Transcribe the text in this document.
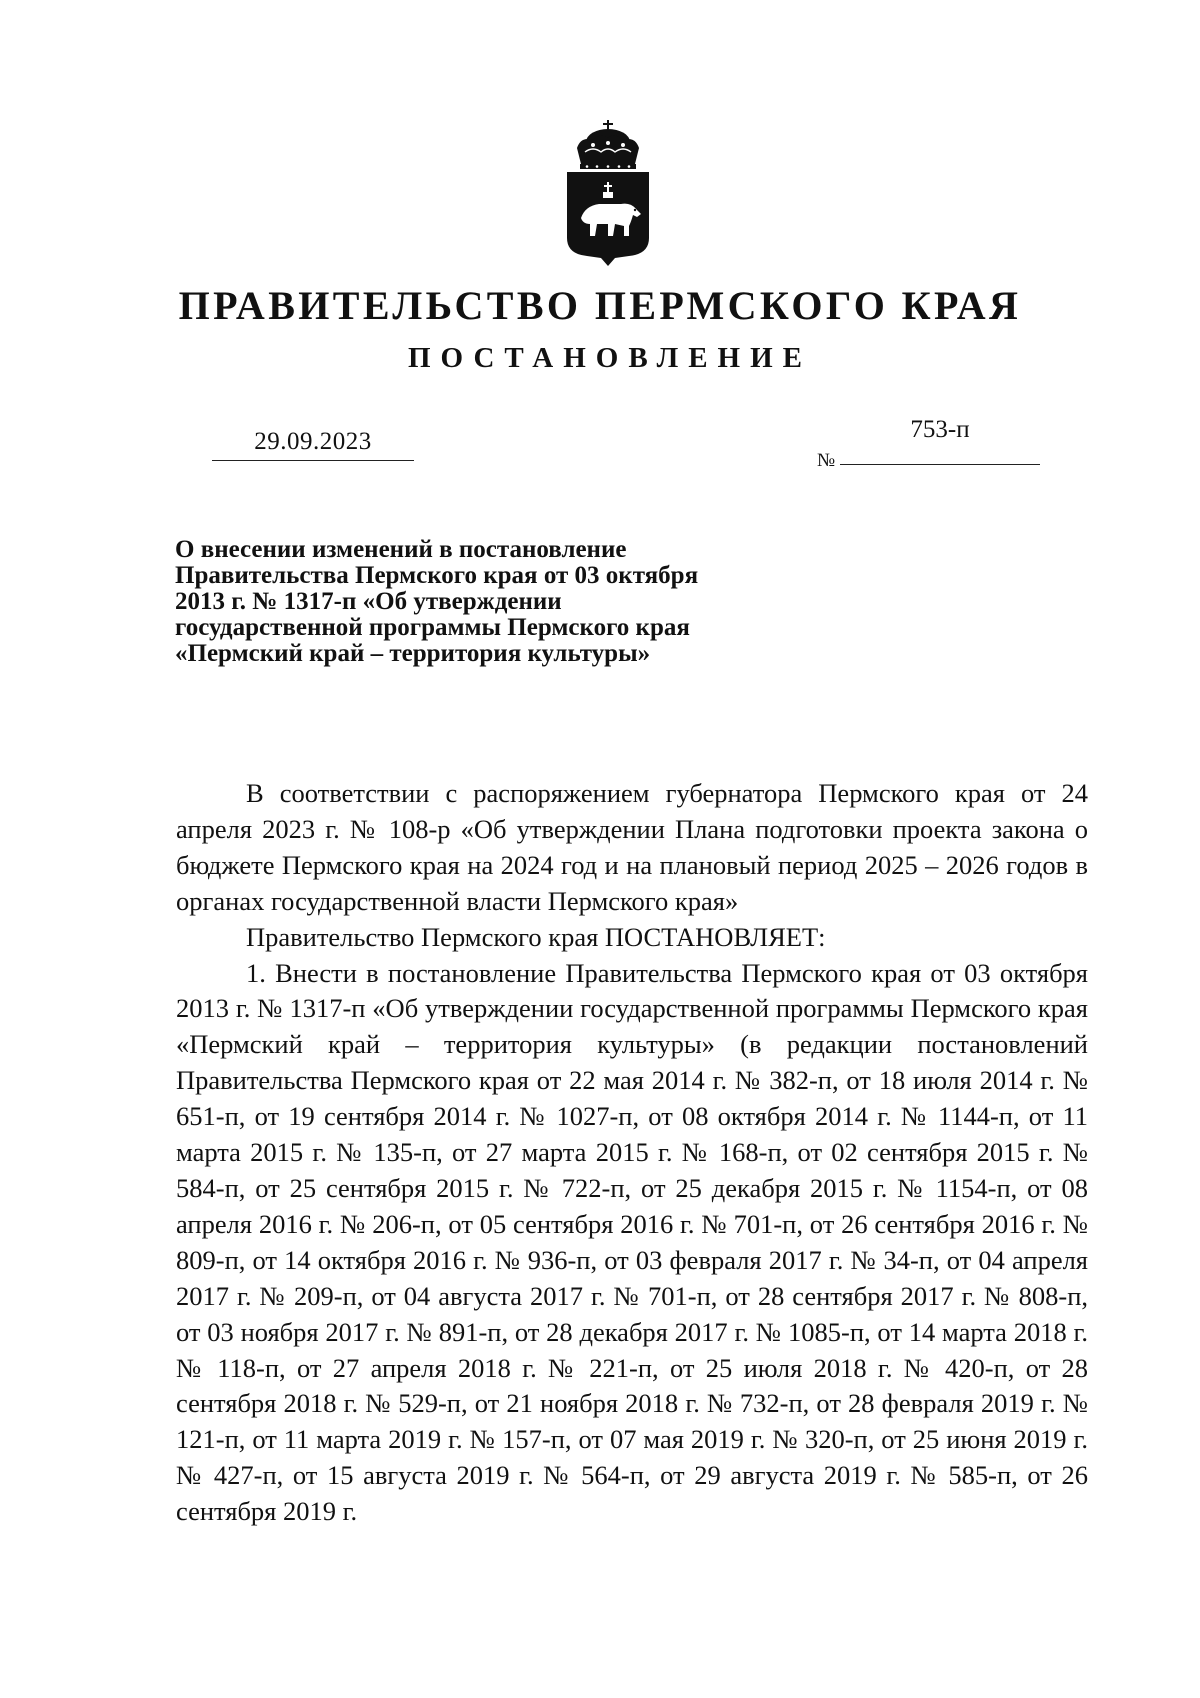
ПРАВИТЕЛЬСТВО ПЕРМСКОГО КРАЯ
ПОСТАНОВЛЕНИЕ
29.09.2023
№
753-п
О внесении изменений в постановление
Правительства Пермского края от 03 октября
2013 г. № 1317-п «Об утверждении
государственной программы Пермского края
«Пермский край – территория культуры»

В соответствии с распоряжением губернатора Пермского края от 24 апреля 2023 г. № 108-р «Об утверждении Плана подготовки проекта закона о бюджете Пермского края на 2024 год и на плановый период 2025 – 2026 годов в органах государственной власти Пермского края»

Правительство Пермского края ПОСТАНОВЛЯЕТ:

1. Внести в постановление Правительства Пермского края от 03 октября 2013 г. № 1317-п «Об утверждении государственной программы Пермского края «Пермский край – территория культуры» (в редакции постановлений Правительства Пермского края от 22 мая 2014 г. № 382-п, от 18 июля 2014 г. № 651-п, от 19 сентября 2014 г. № 1027-п, от 08 октября 2014 г. № 1144-п, от 11 марта 2015 г. № 135-п, от 27 марта 2015 г. № 168-п, от 02 сентября 2015 г. № 584-п, от 25 сентября 2015 г. № 722-п, от 25 декабря 2015 г. № 1154-п, от 08 апреля 2016 г. № 206-п, от 05 сентября 2016 г. № 701-п, от 26 сентября 2016 г. № 809-п, от 14 октября 2016 г. № 936-п, от 03 февраля 2017 г. № 34-п, от 04 апреля 2017 г. № 209-п, от 04 августа 2017 г. № 701-п, от 28 сентября 2017 г. № 808-п, от 03 ноября 2017 г. № 891-п, от 28 декабря 2017 г. № 1085-п, от 14 марта 2018 г. № 118-п, от 27 апреля 2018 г. № 221-п, от 25 июля 2018 г. № 420-п, от 28 сентября 2018 г. № 529-п, от 21 ноября 2018 г. № 732-п, от 28 февраля 2019 г. № 121-п, от 11 марта 2019 г. № 157-п, от 07 мая 2019 г. № 320-п, от 25 июня 2019 г. № 427-п, от 15 августа 2019 г. № 564-п, от 29 августа 2019 г. № 585-п, от 26 сентября 2019 г.
